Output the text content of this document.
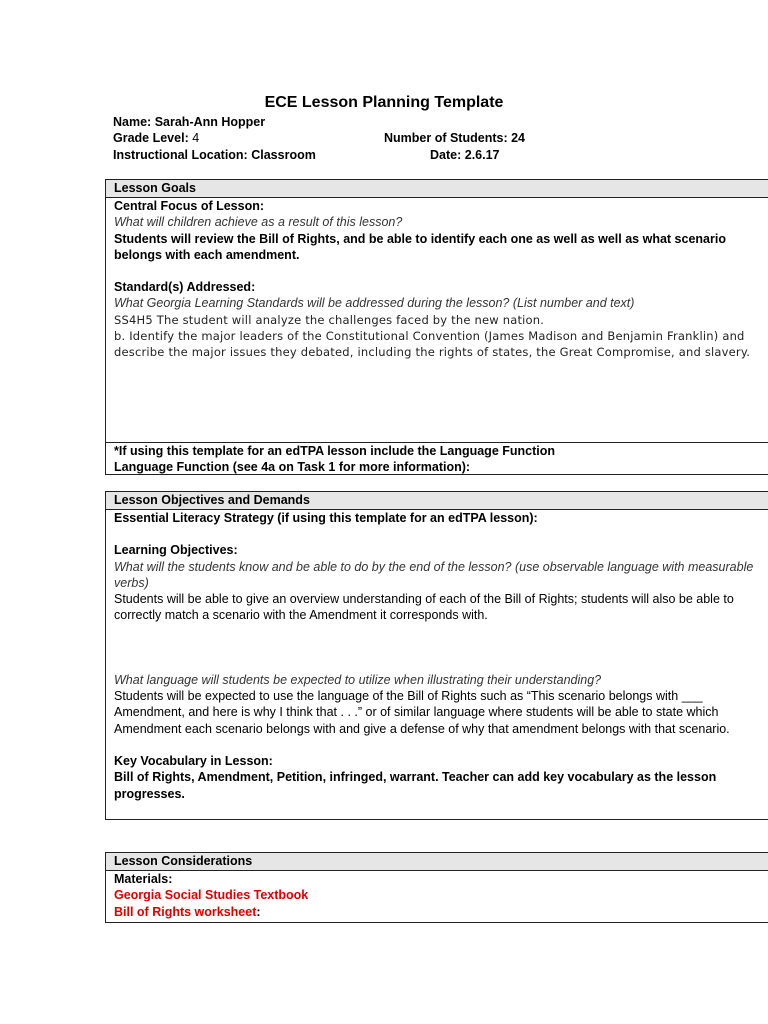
ECE Lesson Planning Template
Name: Sarah-Ann Hopper
Grade Level: 4	Number of Students: 24
Instructional Location: Classroom	Date: 2.6.17
Lesson Goals
Central Focus of Lesson:
What will children achieve as a result of this lesson?
Students will review the Bill of Rights, and be able to identify each one as well as well as what scenario
belongs with each amendment.
Standard(s) Addressed:
What Georgia Learning Standards will be addressed during the lesson? (List number and text)
SS4H5 The student will analyze the challenges faced by the new nation.
b. Identify the major leaders of the Constitutional Convention (James Madison and Benjamin Franklin) and
describe the major issues they debated, including the rights of states, the Great Compromise, and slavery.
*If using this template for an edTPA lesson include the Language Function
Language Function (see 4a on Task 1 for more information):
Lesson Objectives and Demands
Essential Literacy Strategy (if using this template for an edTPA lesson):
Learning Objectives:
What will the students know and be able to do by the end of the lesson? (use observable language with measurable
verbs)
Students will be able to give an overview understanding of each of the Bill of Rights; students will also be able to
correctly match a scenario with the Amendment it corresponds with.
What language will students be expected to utilize when illustrating their understanding?
Students will be expected to use the language of the Bill of Rights such as “This scenario belongs with ___
Amendment, and here is why I think that . . .” or of similar language where students will be able to state which
Amendment each scenario belongs with and give a defense of why that amendment belongs with that scenario.
Key Vocabulary in Lesson:
Bill of Rights, Amendment, Petition, infringed, warrant. Teacher can add key vocabulary as the lesson
progresses.
Lesson Considerations
Materials:
Georgia Social Studies Textbook
Bill of Rights worksheet:
